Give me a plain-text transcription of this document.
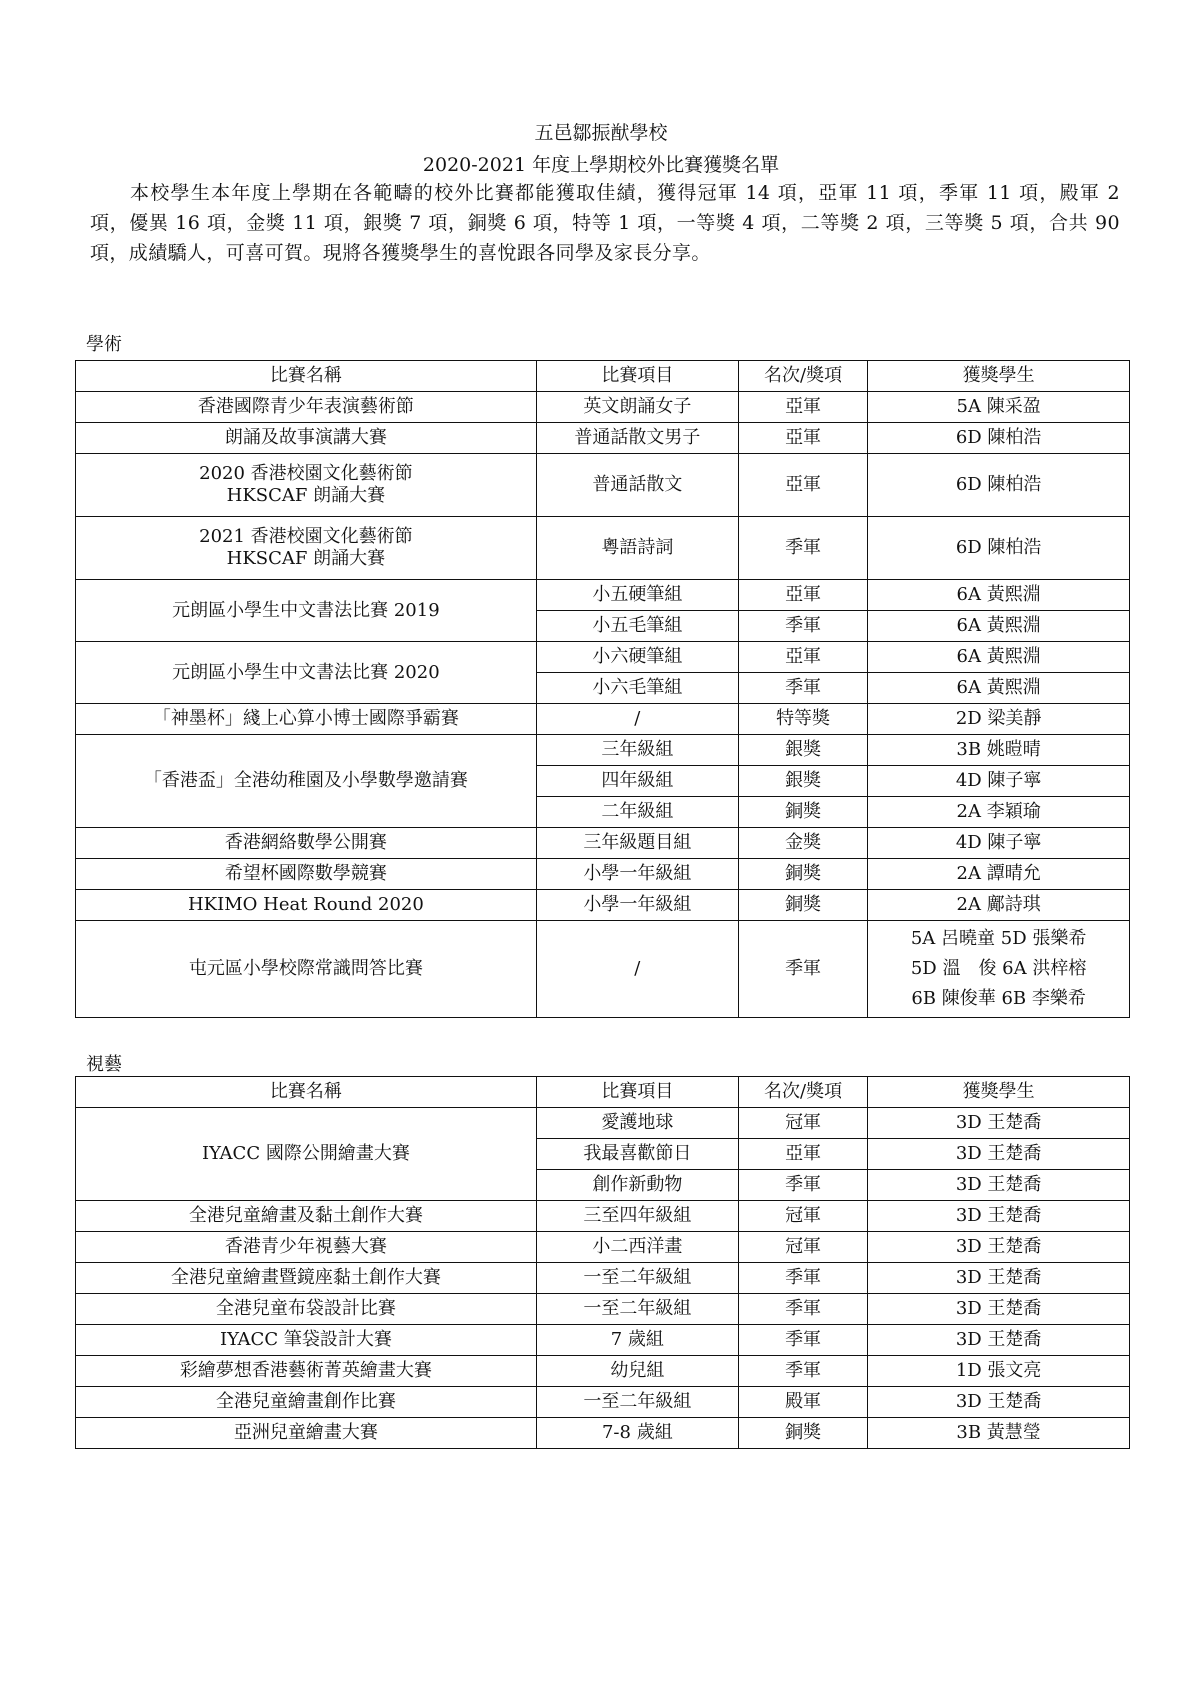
五邑鄒振猷學校
2020-2021 年度上學期校外比賽獲獎名單

本校學生本年度上學期在各範疇的校外比賽都能獲取佳績，獲得冠軍 14 項，亞軍 11 項，季軍 11 項，殿軍 2 項，優異 16 項，金獎 11 項，銀獎 7 項，銅獎 6 項，特等 1 項，一等獎 4 項，二等獎 2 項，三等獎 5 項，合共 90 項，成績驕人，可喜可賀。現將各獲獎學生的喜悅跟各同學及家長分享。

學術
比賽名稱	比賽項目	名次/獎項	獲獎學生
香港國際青少年表演藝術節	英文朗誦女子	亞軍	5A 陳采盈
朗誦及故事演講大賽	普通話散文男子	亞軍	6D 陳柏浩

2020 香港校園文化藝術節
HKSCAF 朗誦大賽	普通話散文	亞軍	6D 陳柏浩

2021 香港校園文化藝術節
HKSCAF 朗誦大賽	粵語詩詞	季軍	6D 陳柏浩

元朗區小學生中文書法比賽 2019	小五硬筆組	亞軍	6A 黃熙淵
	小五毛筆組	季軍	6A 黃熙淵

元朗區小學生中文書法比賽 2020	小六硬筆組	亞軍	6A 黃熙淵
	小六毛筆組	季軍	6A 黃熙淵

「神墨杯」綫上心算小博士國際爭霸賽	/	特等獎	2D 梁美靜

「香港盃」全港幼稚園及小學數學邀請賽	三年級組	銀獎	3B 姚暟晴
	四年級組	銀獎	4D 陳子寧
	二年級組	銅獎	2A 李穎瑜

香港網絡數學公開賽	三年級題目組	金獎	4D 陳子寧

希望杯國際數學競賽	小學一年級組	銅獎	2A 譚晴允

HKIMO Heat Round 2020	小學一年級組	銅獎	2A 鄺詩琪

屯元區小學校際常識問答比賽	/	季軍	5A 呂曉童 5D 張樂希
5D 溫　俊 6A 洪梓榕
6B 陳俊華 6B 李樂希
視藝
比賽名稱	比賽項目	名次/獎項	獲獎學生

IYACC 國際公開繪畫大賽	愛護地球	冠軍	3D 王楚喬
	我最喜歡節日	亞軍	3D 王楚喬
	創作新動物	季軍	3D 王楚喬

全港兒童繪畫及黏土創作大賽	三至四年級組	冠軍	3D 王楚喬

香港青少年視藝大賽	小二西洋畫	冠軍	3D 王楚喬

全港兒童繪畫暨鏡座黏土創作大賽	一至二年級組	季軍	3D 王楚喬

全港兒童布袋設計比賽	一至二年級組	季軍	3D 王楚喬

IYACC 筆袋設計大賽	7 歲組	季軍	3D 王楚喬

彩繪夢想香港藝術菁英繪畫大賽	幼兒組	季軍	1D 張文亮

全港兒童繪畫創作比賽	一至二年級組	殿軍	3D 王楚喬

亞洲兒童繪畫大賽	7-8 歲組	銅獎	3B 黃慧瑩
